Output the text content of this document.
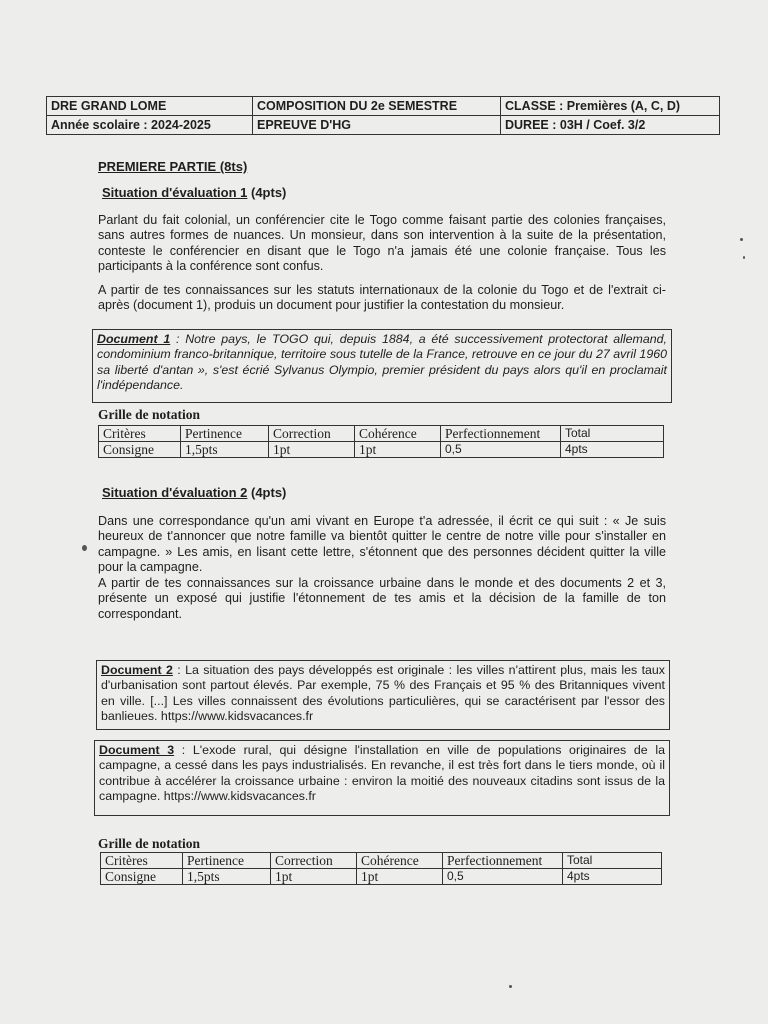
DRE GRAND LOME	COMPOSITION DU 2e SEMESTRE	CLASSE : Premières (A, C, D)
Année scolaire : 2024-2025	EPREUVE D'HG	DUREE : 03H / Coef. 3/2
PREMIERE PARTIE (8ts)
Situation d'évaluation 1 (4pts)

Parlant du fait colonial, un conférencier cite le Togo comme faisant partie des colonies françaises, sans autres formes de nuances. Un monsieur, dans son intervention à la suite de la présentation, conteste le conférencier en disant que le Togo n'a jamais été une colonie française. Tous les participants à la conférence sont confus.

A partir de tes connaissances sur les statuts internationaux de la colonie du Togo et de l'extrait ci-après (document 1), produis un document pour justifier la contestation du monsieur.

Document 1 : Notre pays, le TOGO qui, depuis 1884, a été successivement protectorat allemand, condominium franco-britannique, territoire sous tutelle de la France, retrouve en ce jour du 27 avril 1960 sa liberté d'antan », s'est écrié Sylvanus Olympio, premier président du pays alors qu'il en proclamait l'indépendance.
Grille de notation
Critères	Pertinence	Correction	Cohérence	Perfectionnement	Total
Consigne	1,5pts	1pt	1pt	0,5	4pts
Situation d'évaluation 2 (4pts)

Dans une correspondance qu'un ami vivant en Europe t'a adressée, il écrit ce qui suit : « Je suis heureux de t'annoncer que notre famille va bientôt quitter le centre de notre ville pour s'installer en campagne. » Les amis, en lisant cette lettre, s'étonnent que des personnes décident quitter la ville pour la campagne.

A partir de tes connaissances sur la croissance urbaine dans le monde et des documents 2 et 3, présente un exposé qui justifie l'étonnement de tes amis et la décision de la famille de ton correspondant.

Document 2 : La situation des pays développés est originale : les villes n'attirent plus, mais les taux d'urbanisation sont partout élevés. Par exemple, 75 % des Français et 95 % des Britanniques vivent en ville. [...] Les villes connaissent des évolutions particulières, qui se caractérisent par l'essor des banlieues. https://www.kidsvacances.fr
Document 3 : L'exode rural, qui désigne l'installation en ville de populations originaires de la campagne, a cessé dans les pays industrialisés. En revanche, il est très fort dans le tiers monde, où il contribue à accélérer la croissance urbaine : environ la moitié des nouveaux citadins sont issus de la campagne. https://www.kidsvacances.fr
Grille de notation
Critères	Pertinence	Correction	Cohérence	Perfectionnement	Total
Consigne	1,5pts	1pt	1pt	0,5	4pts
